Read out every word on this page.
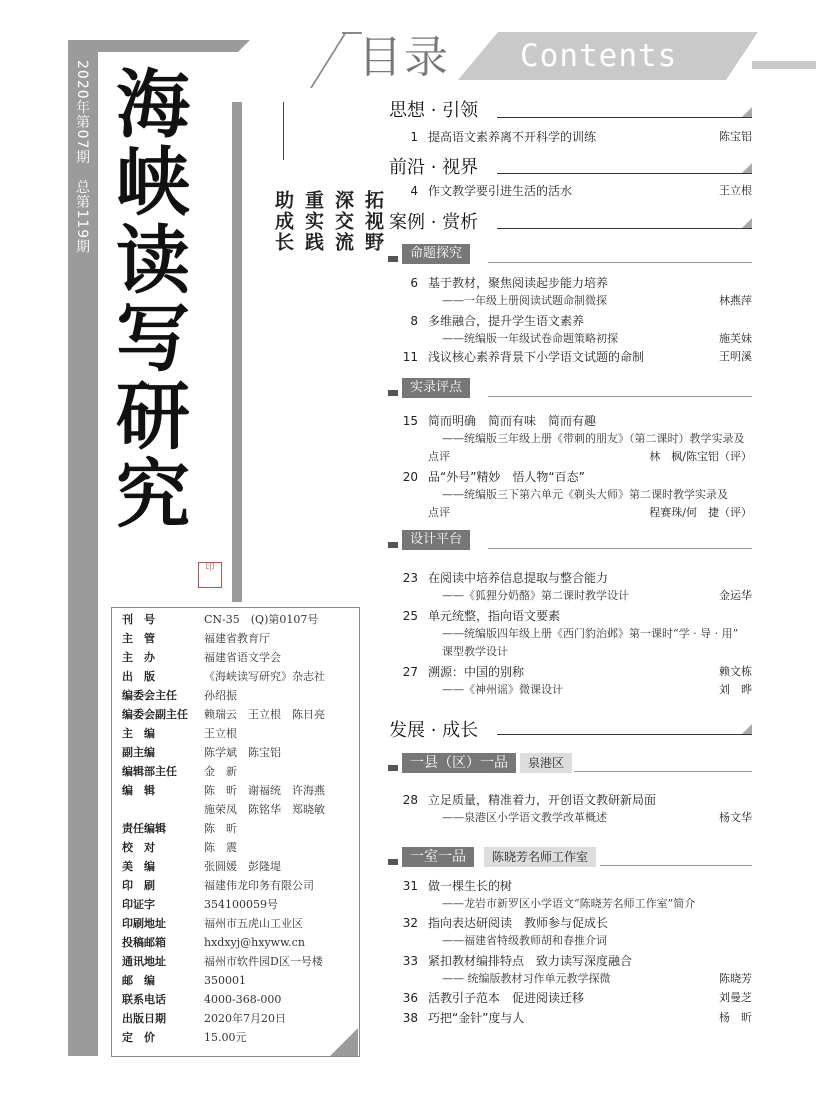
2020年第07期　总第119期 海
峡
读
写
研
究
印
拓视野
深交流
重实践
助成长
刊　号	CN-35　(Q)第0107号
主　管	福建省教育厅
主　办	福建省语文学会
出　版	《海峡读写研究》杂志社
编委会主任 孙绍振
编委会副主任 赖瑞云　王立根　陈日亮
主　编	王立根
副主编	陈学斌　陈宝铝
编辑部主任 金　新
编　辑	陈　昕　谢福统　许海燕
施荣凤　陈铭华　郑晓敏
责任编辑	陈　昕
校　对	陈　震
美　编	张圆媛　彭隆堤
印　刷	福建伟龙印务有限公司
印证字	354100059号
印刷地址	福州市五虎山工业区
投稿邮箱	hxdxyj@hxyww.cn
通讯地址	福州市软件园D区一号楼
邮　编	350001
联系电话	4000-368-000
出版日期	2020年7月20日
定　价	15.00元
目录 Contents
思想 · 引领
1 提高语文素养离不开科学的训练	陈宝铝
前沿 · 视界
4 作文教学要引进生活的活水	王立根
案例 · 赏析
命题探究
6 基于教材，聚焦阅读起步能力培养
——一年级上册阅读试题命制微探	林燕萍
8 多维融合，提升学生语文素养
——统编版一年级试卷命题策略初探	施芙妹
11 浅议核心素养背景下小学语文试题的命制	王明溪
实录评点
15 简而明确　简而有味　简而有趣
——统编版三年级上册《带刺的朋友》（第二课时）教学实录及
点评	林　枫/陈宝铝（评）
20 品“外号”精妙　悟人物“百态”
——统编版三下第六单元《剃头大师》第二课时教学实录及
点评	程赛珠/何　捷（评）
设计平台
23 在阅读中培养信息提取与整合能力
——《狐狸分奶酪》第二课时教学设计	金运华
25 单元统整，指向语文要素
——统编版四年级上册《西门豹治邺》第一课时“学 · 导 · 用”
课型教学设计
27 溯源：中国的别称	赖文栋
——《神州谣》微课设计	刘　晔
发展 · 成长
一县（区）一品	泉港区
28 立足质量，精准着力，开创语文教研新局面
——泉港区小学语文教学改革概述	杨文华
一室一品	陈晓芳名师工作室
31 做一棵生长的树
——龙岩市新罗区小学语文“陈晓芳名师工作室”简介
32 指向表达研阅读　教师参与促成长
——福建省特级教师胡和春推介词
33 紧扣教材编排特点　致力读写深度融合
—— 统编版教材习作单元教学探微	陈晓芳
36 活教引子范本　促进阅读迁移	刘曼芝
38 巧把“金针”度与人	杨　昕
